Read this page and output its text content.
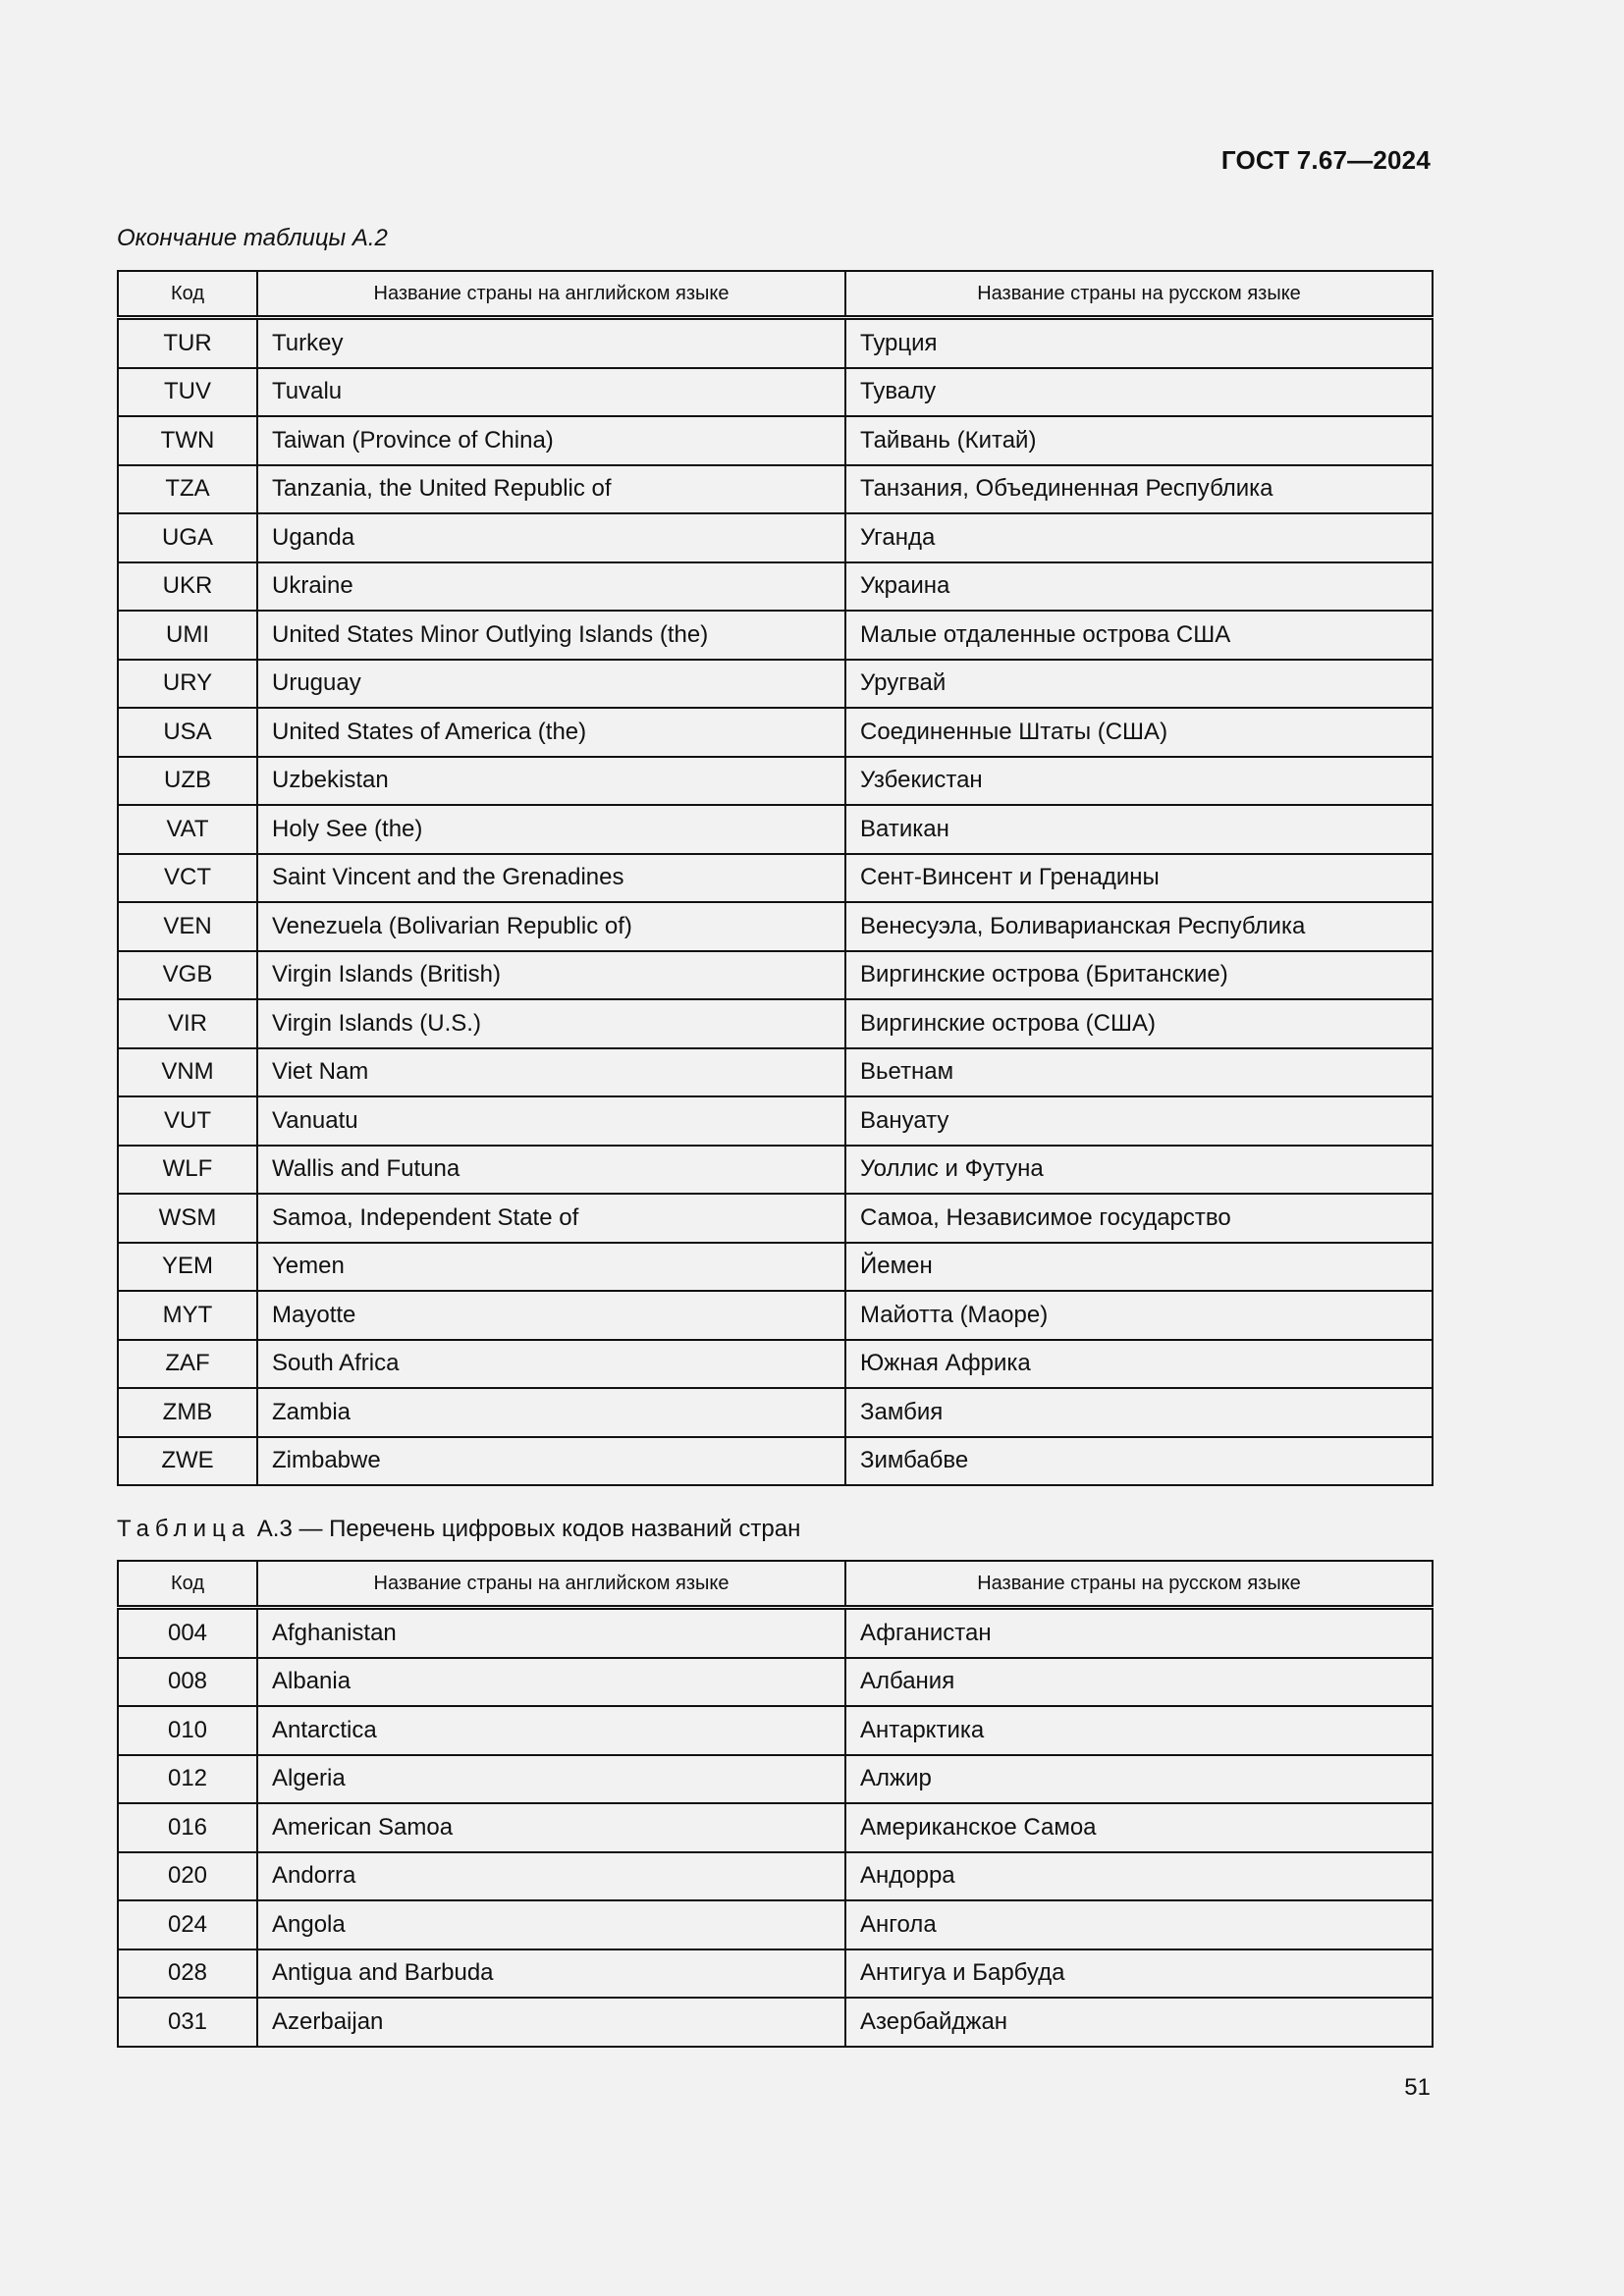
ГОСТ 7.67—2024
Окончание таблицы А.2
Код	Название страны на английском языке	Название страны на русском языке
TUR	Turkey	Турция
TUV	Tuvalu	Тувалу
TWN	Taiwan (Province of China)	Тайвань (Китай)
TZA	Tanzania, the United Republic of	Танзания, Объединенная Республика
UGA	Uganda	Уганда
UKR	Ukraine	Украина
UMI	United States Minor Outlying Islands (the)	Малые отдаленные острова США
URY	Uruguay	Уругвай
USA	United States of America (the)	Соединенные Штаты (США)
UZB	Uzbekistan	Узбекистан
VAT	Holy See (the)	Ватикан
VCT	Saint Vincent and the Grenadines	Сент-Винсент и Гренадины
VEN	Venezuela (Bolivarian Republic of)	Венесуэла, Боливарианская Республика
VGB	Virgin Islands (British)	Виргинские острова (Британские)
VIR	Virgin Islands (U.S.)	Виргинские острова (США)
VNM	Viet Nam	Вьетнам
VUT	Vanuatu	Вануату
WLF	Wallis and Futuna	Уоллис и Футуна
WSM	Samoa, Independent State of	Самоа, Независимое государство
YEM	Yemen	Йемен
MYT	Mayotte	Майотта (Маоре)
ZAF	South Africa	Южная Африка
ZMB	Zambia	Замбия
ZWE	Zimbabwe	Зимбабве
Таблица А.3 — Перечень цифровых кодов названий стран
Код	Название страны на английском языке	Название страны на русском языке
004	Afghanistan	Афганистан
008	Albania	Албания
010	Antarctica	Антарктика
012	Algeria	Алжир
016	American Samoa	Американское Самоа
020	Andorra	Андорра
024	Angola	Ангола
028	Antigua and Barbuda	Антигуа и Барбуда
031	Azerbaijan	Азербайджан
51
